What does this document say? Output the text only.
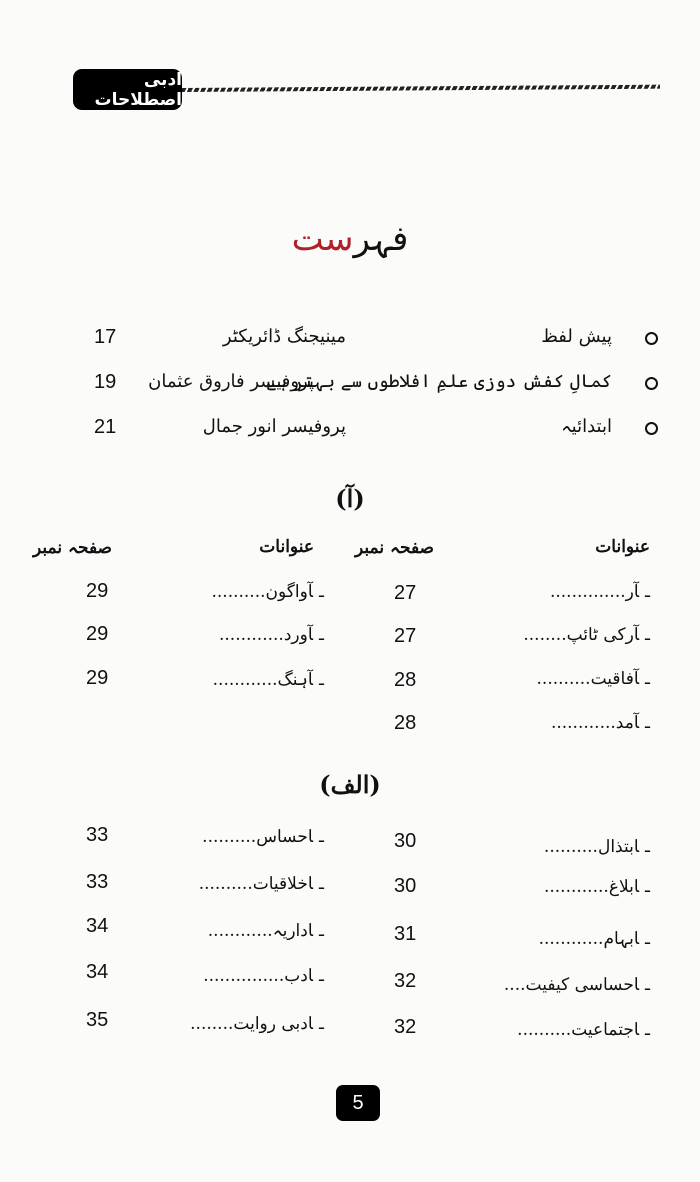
ادبی اصطلاحات
فہرست
پیش لفظ
مینیجنگ ڈائریکٹر
17
کمالِ کفش دوزی علمِ افلاطوں سے بہتر ہے
پروفیسر فاروق عثمان
19
ابتدائیہ
پروفیسر انور جمال
21
(آ)
عنوانات
صفحہ نمبر
عنوانات
صفحہ نمبر
ـآر..............
27
ـآرکی ٹائپ........
27
ـآفاقیت..........
28
ـآمد............
28
ـآواگون..........
29
ـآورد............
29
ـآہنگ............
29
(الف)
ـابتذال..........
30
ـابلاغ............
30
ـابہام............
31
ـاحساسی کیفیت....
32
ـاجتماعیت..........
32
ـاحساس..........
33
ـاخلاقیات..........
33
ـاداریہ............
34
ـادب...............
34
ـادبی روایت........
35
5
